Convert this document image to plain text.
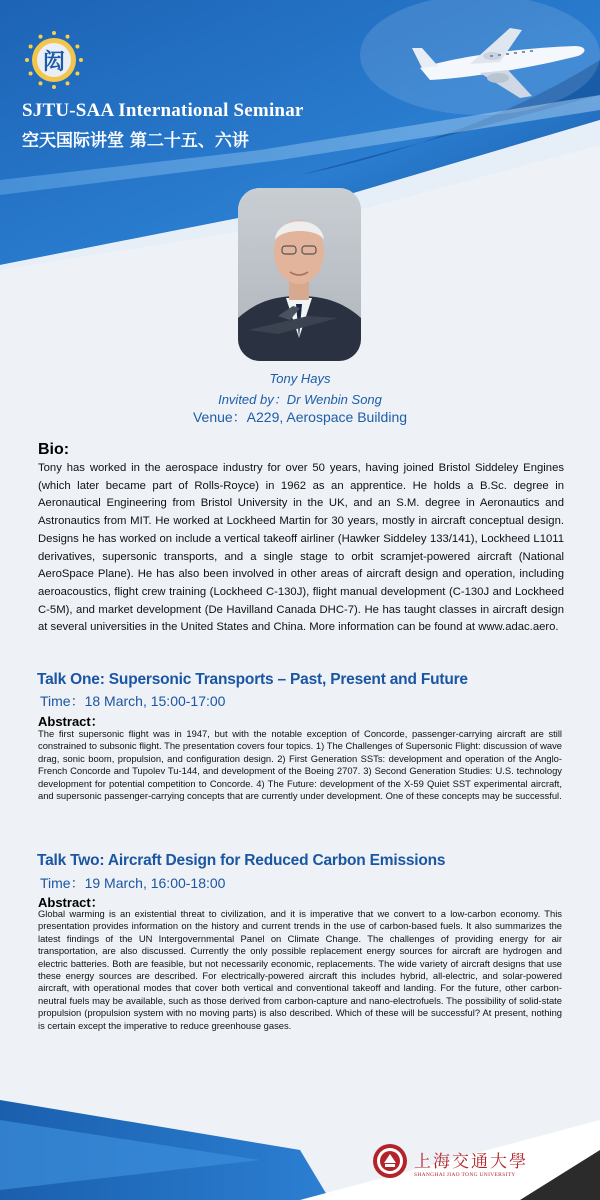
闳
SJTU-SAA International Seminar
空天国际讲堂 第二十五、六讲
Tony Hays
Invited by：Dr Wenbin Song
Venue：A229, Aerospace Building
Bio:
Tony has worked in the aerospace industry for over 50 years, having joined Bristol Siddeley Engines (which later became part of Rolls-Royce) in 1962 as an apprentice. He holds a B.Sc. degree in Aeronautical Engineering from Bristol University in the UK, and an S.M. degree in Aeronautics and Astronautics from MIT. He worked at Lockheed Martin for 30 years, mostly in aircraft conceptual design. Designs he has worked on include a vertical takeoff airliner (Hawker Siddeley 133/141), Lockheed L1011 derivatives, supersonic transports, and a single stage to orbit scramjet-powered aircraft (National AeroSpace Plane). He has also been involved in other areas of aircraft design and operation, including aeroacoustics, flight crew training (Lockheed C-130J), flight manual development (C-130J and Lockheed C-5M), and market development (De Havilland Canada DHC-7). He has taught classes in aircraft design at several universities in the United States and China. More information can be found at www.adac.aero.
Talk One: Supersonic Transports – Past, Present and Future
Time：18 March, 15:00-17:00
Abstract：
The first supersonic flight was in 1947, but with the notable exception of Concorde, passenger-carrying aircraft are still constrained to subsonic flight. The presentation covers four topics. 1) The Challenges of Supersonic Flight: discussion of wave drag, sonic boom, propulsion, and configuration design. 2) First Generation SSTs: development and operation of the Anglo-French Concorde and Tupolev Tu-144, and development of the Boeing 2707. 3) Second Generation Studies: U.S. technology development for potential competition to Concorde. 4) The Future: development of the X-59 Quiet SST experimental aircraft, and supersonic passenger-carrying concepts that are currently under development. One of these concepts may be successful.
Talk Two: Aircraft Design for Reduced Carbon Emissions
Time：19 March, 16:00-18:00
Abstract：
Global warming is an existential threat to civilization, and it is imperative that we convert to a low-carbon economy. This presentation provides information on the history and current trends in the use of carbon-based fuels. It also summarizes the latest findings of the UN Intergovernmental Panel on Climate Change. The challenges of providing energy for air transportation, are also discussed. Currently the only possible replacement energy sources for aircraft are hydrogen and electric batteries. Both are feasible, but not necessarily economic, replacements. The wide variety of aircraft designs that use these energy sources are described. For electrically-powered aircraft this includes hybrid, all-electric, and solar-powered aircraft, with operational modes that cover both vertical and conventional takeoff and landing. For the future, other carbon-neutral fuels may be available, such as those derived from carbon-capture and nano-electrofuels. The possibility of solid-state propulsion (propulsion system with no moving parts) is also described. Which of these will be successful? At present, nothing is certain except the imperative to reduce greenhouse gases.
上海交通大學
SHANGHAI JIAO TONG UNIVERSITY
